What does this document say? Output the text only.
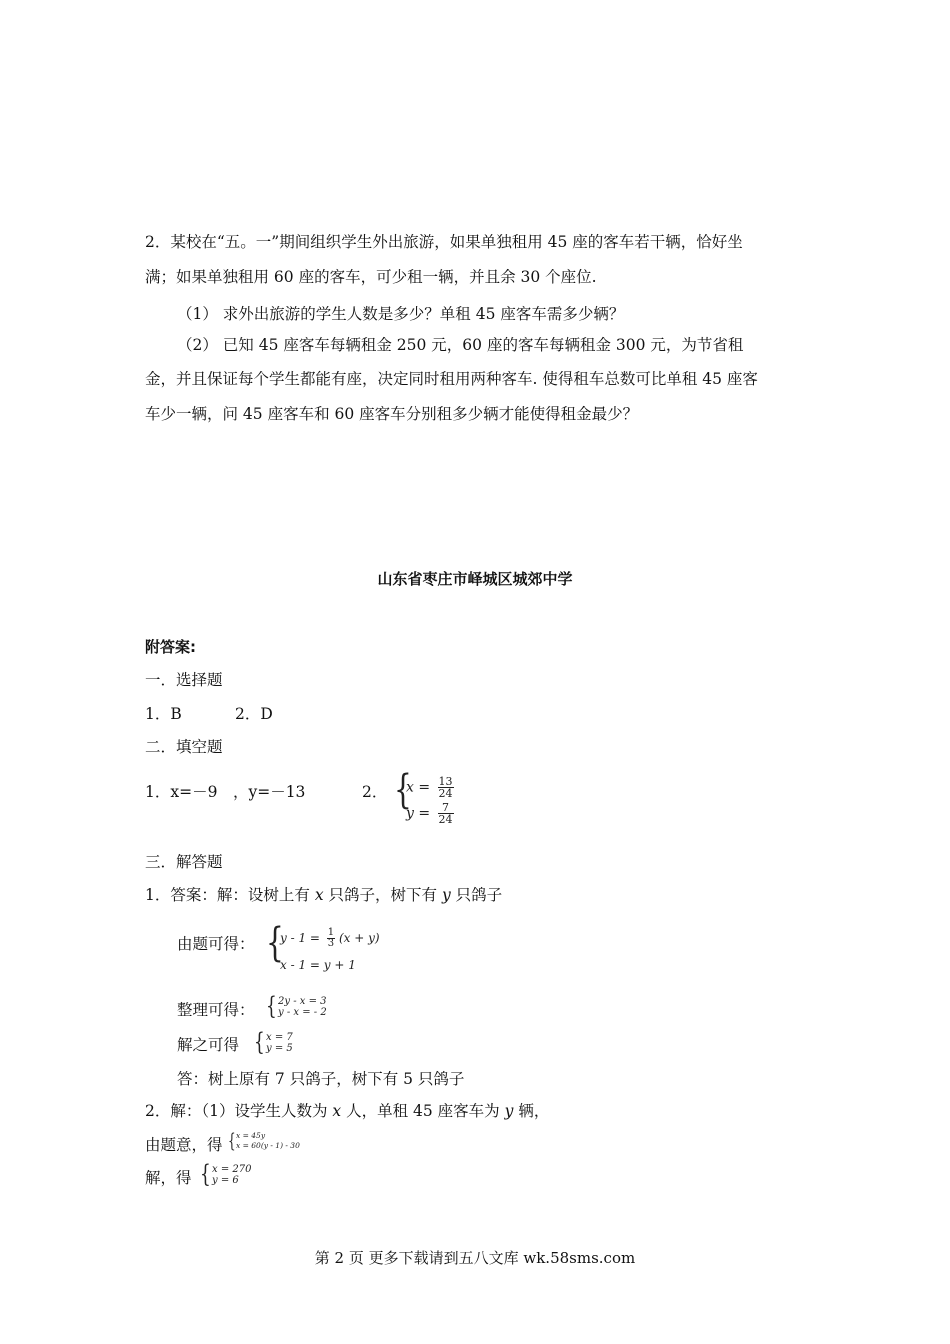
2．某校在“五。一”期间组织学生外出旅游，如果单独租用 45 座的客车若干辆，恰好坐
满；如果单独租用 60 座的客车，可少租一辆，并且余 30 个座位.
（1） 求外出旅游的学生人数是多少？单租 45 座客车需多少辆？
（2） 已知 45 座客车每辆租金 250 元，60 座的客车每辆租金 300 元，为节省租
金，并且保证每个学生都能有座，决定同时租用两种客车. 使得租车总数可比单租 45 座客
车少一辆，问 45 座客车和 60 座客车分别租多少辆才能使得租金最少？
山东省枣庄市峄城区城郊中学
附答案:
一．选择题
1．B	2．D
二．填空题
1．x=－9　，y=－13	2． {
$x = \frac{13}{24}$
$y = \frac{7}{24}$
三．解答题
1．答案：解：设树上有 x 只鸽子，树下有 y 只鸽子
由题可得： {
$y - 1 = \frac{1}{3} (x + y)$
x - 1 = y + 1
整理可得： { 2y - x = 3
y - x = - 2
解之可得 { x = 7
y = 5
答：树上原有 7 只鸽子，树下有 5 只鸽子
2．解：（1）设学生人数为 x 人，单租 45 座客车为 y 辆，
由题意，得 { x = 45y
x = 60(y - 1) - 30
解，得 { x = 270
y = 6
第 2 页 更多下载请到五八文库 wk.58sms.com
